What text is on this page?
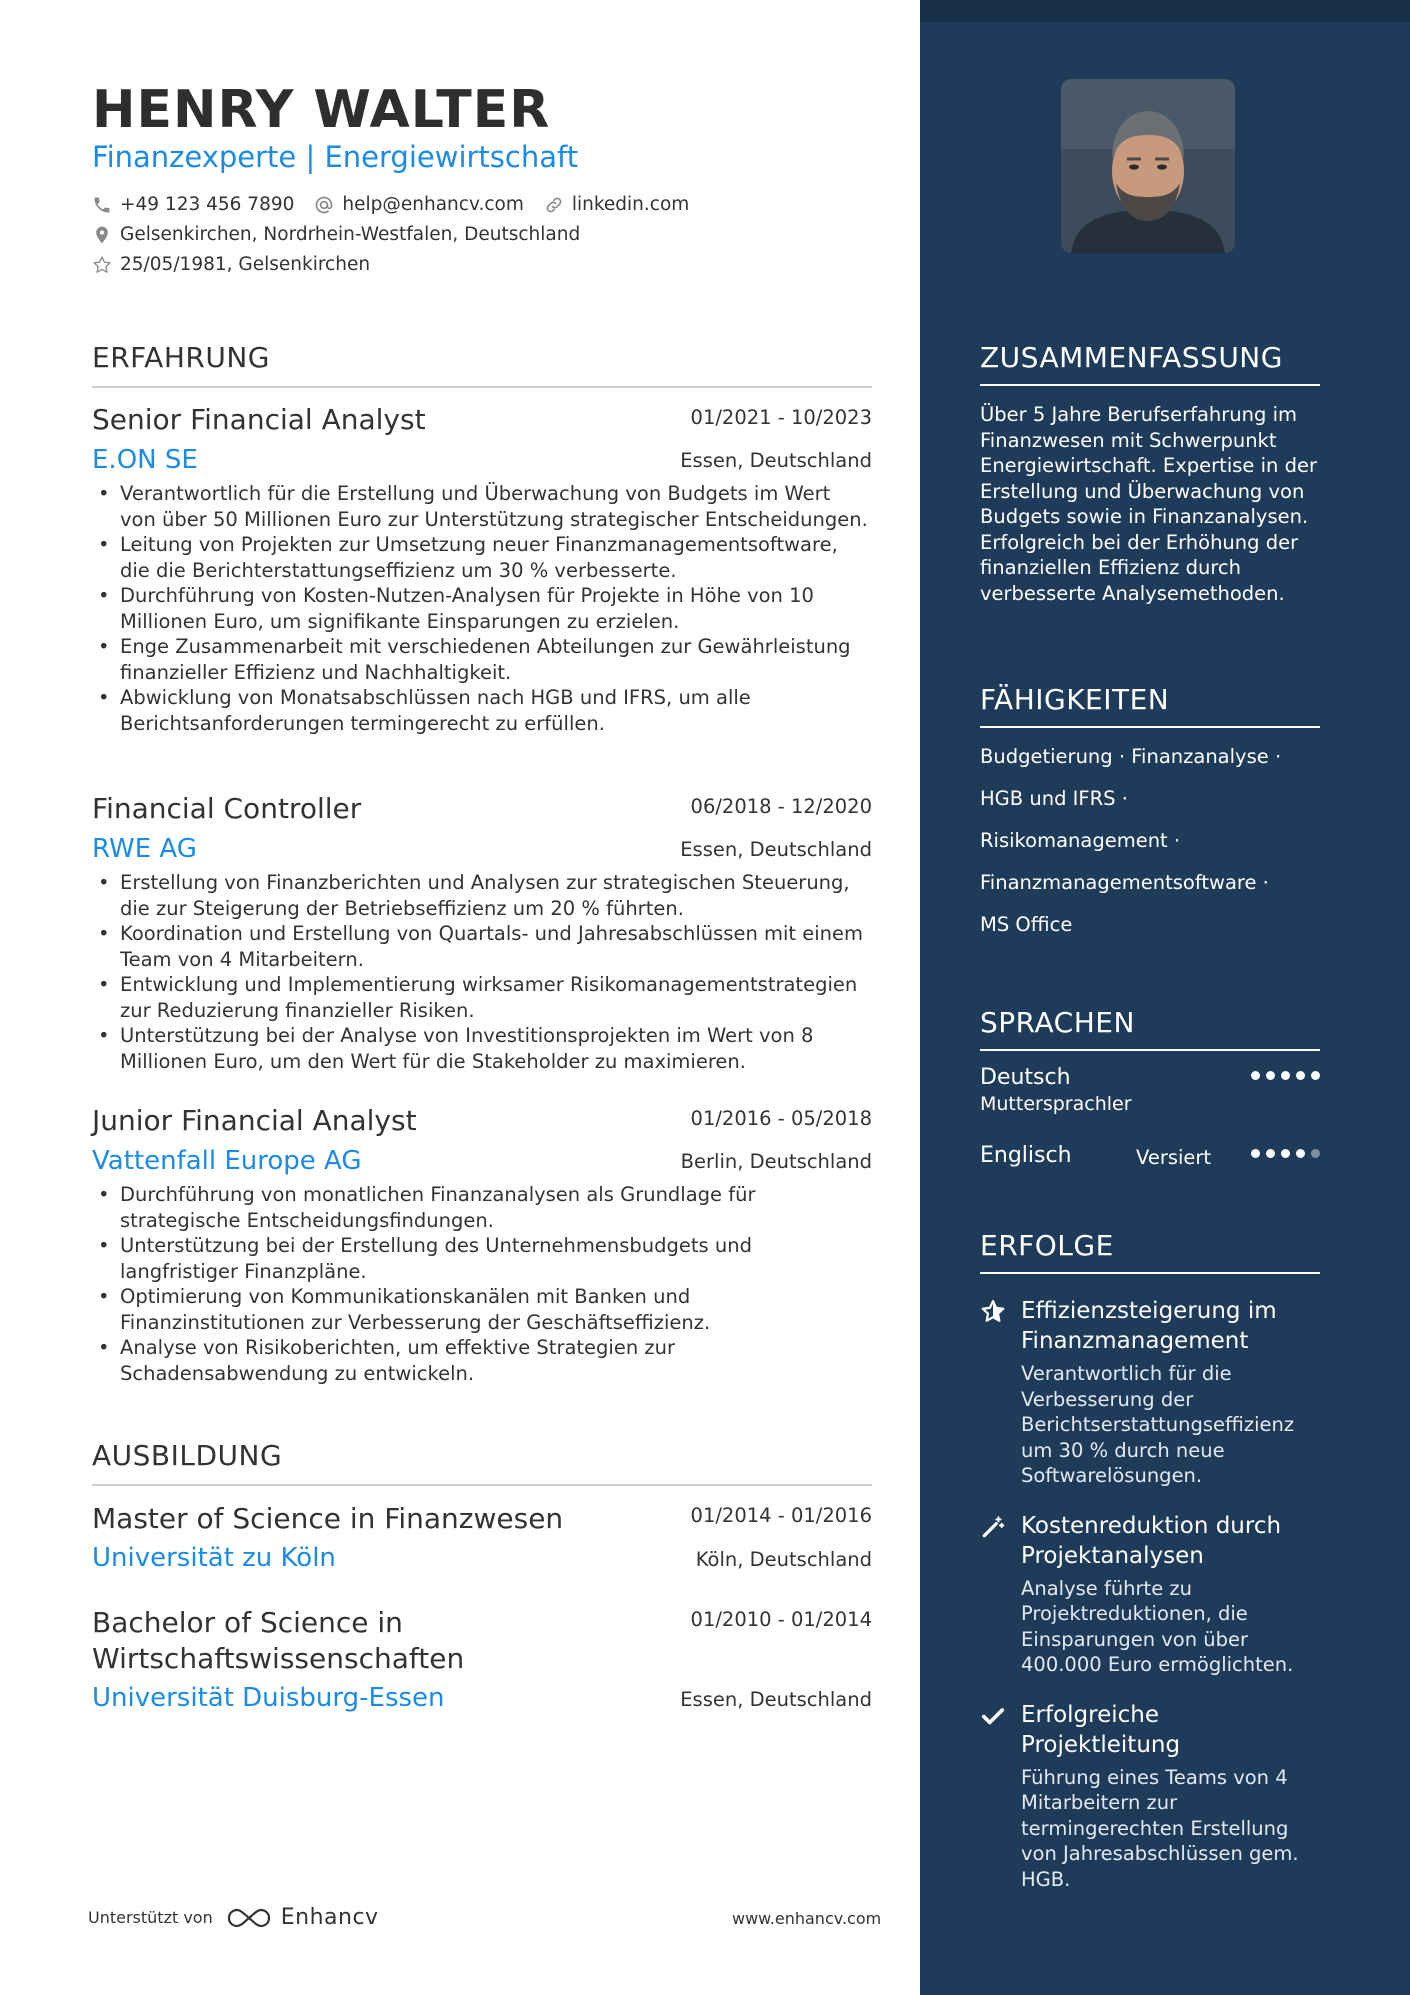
HENRY WALTER
Finanzexperte | Energiewirtschaft
+49 123 456 7890	help@enhancv.com	linkedin.com
Gelsenkirchen, Nordrhein-Westfalen, Deutschland
25/05/1981, Gelsenkirchen
ERFAHRUNG
Senior Financial Analyst	01/2021 - 10/2023
E.ON SE	Essen, Deutschland
• Verantwortlich für die Erstellung und Überwachung von Budgets im Wert von über 50 Millionen Euro zur Unterstützung strategischer Entscheidungen.
• Leitung von Projekten zur Umsetzung neuer Finanzmanagementsoftware, die die Berichterstattungseffizienz um 30 % verbesserte.
• Durchführung von Kosten-Nutzen-Analysen für Projekte in Höhe von 10 Millionen Euro, um signifikante Einsparungen zu erzielen.
• Enge Zusammenarbeit mit verschiedenen Abteilungen zur Gewährleistung finanzieller Effizienz und Nachhaltigkeit.
• Abwicklung von Monatsabschlüssen nach HGB und IFRS, um alle Berichtsanforderungen termingerecht zu erfüllen.
Financial Controller	06/2018 - 12/2020
RWE AG	Essen, Deutschland
• Erstellung von Finanzberichten und Analysen zur strategischen Steuerung, die zur Steigerung der Betriebseffizienz um 20 % führten.
• Koordination und Erstellung von Quartals- und Jahresabschlüssen mit einem Team von 4 Mitarbeitern.
• Entwicklung und Implementierung wirksamer Risikomanagementstrategien zur Reduzierung finanzieller Risiken.
• Unterstützung bei der Analyse von Investitionsprojekten im Wert von 8 Millionen Euro, um den Wert für die Stakeholder zu maximieren.
Junior Financial Analyst	01/2016 - 05/2018
Vattenfall Europe AG	Berlin, Deutschland
• Durchführung von monatlichen Finanzanalysen als Grundlage für strategische Entscheidungsfindungen.
• Unterstützung bei der Erstellung des Unternehmensbudgets und langfristiger Finanzpläne.
• Optimierung von Kommunikationskanälen mit Banken und Finanzinstitutionen zur Verbesserung der Geschäftseffizienz.
• Analyse von Risikoberichten, um effektive Strategien zur Schadensabwendung zu entwickeln.
AUSBILDUNG
Master of Science in Finanzwesen	01/2014 - 01/2016
Universität zu Köln	Köln, Deutschland
Bachelor of Science in Wirtschaftswissenschaften
01/2010 - 01/2014
Universität Duisburg-Essen	Essen, Deutschland
Unterstützt von	Enhancv	www.enhancv.com
ZUSAMMENFASSUNG
Über 5 Jahre Berufserfahrung im Finanzwesen mit Schwerpunkt Energiewirtschaft. Expertise in der Erstellung und Überwachung von Budgets sowie in Finanzanalysen. Erfolgreich bei der Erhöhung der finanziellen Effizienz durch verbesserte Analysemethoden.
FÄHIGKEITEN
Budgetierung · Finanzanalyse ·
HGB und IFRS ·
Risikomanagement ·
Finanzmanagementsoftware ·
MS Office
SPRACHEN
Deutsch
Muttersprachler
Englisch	Versiert
ERFOLGE
Effizienzsteigerung im Finanzmanagement
Verantwortlich für die Verbesserung der Berichtserstattungseffizienz um 30 % durch neue Softwarelösungen.
Kostenreduktion durch Projektanalysen
Analyse führte zu Projektreduktionen, die Einsparungen von über 400.000 Euro ermöglichten.
Erfolgreiche Projektleitung
Führung eines Teams von 4 Mitarbeitern zur termingerechten Erstellung von Jahresabschlüssen gem. HGB.
